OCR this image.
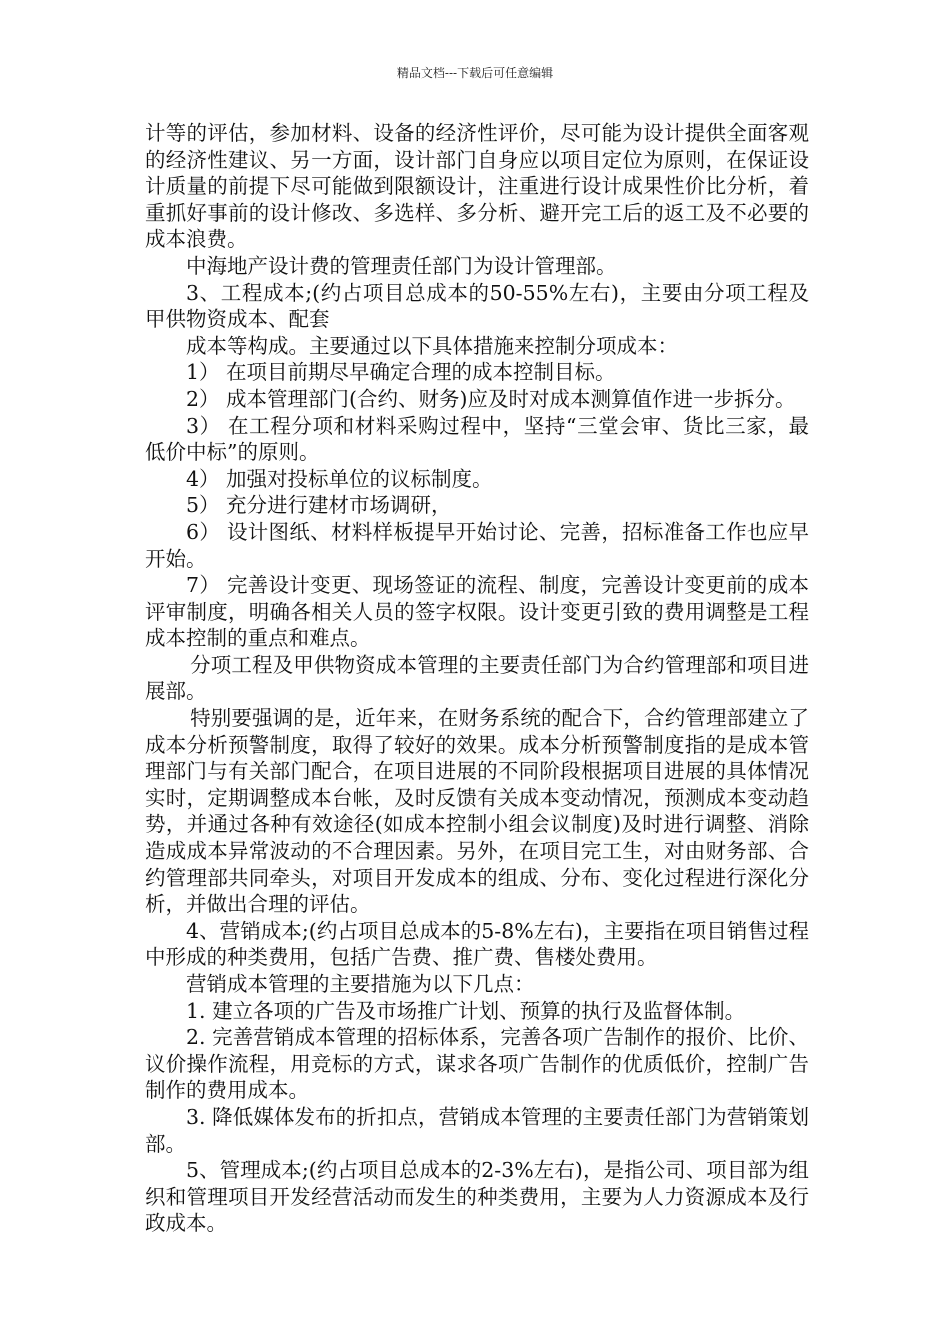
精品文档---下载后可任意编辑

计等的评估，参加材料、设备的经济性评价，尽可能为设计提供全面客观的经济性建议、另一方面，设计部门自身应以项目定位为原则，在保证设计质量的前提下尽可能做到限额设计，注重进行设计成果性价比分析，着重抓好事前的设计修改、多选样、多分析、避开完工后的返工及不必要的成本浪费。

中海地产设计费的管理责任部门为设计管理部。

3、工程成本;(约占项目总成本的50-55%左右)，主要由分项工程及甲供物资成本、配套

成本等构成。主要通过以下具体措施来控制分项成本：

1） 在项目前期尽早确定合理的成本控制目标。

2） 成本管理部门(合约、财务)应及时对成本测算值作进一步拆分。

3） 在工程分项和材料采购过程中，坚持“三堂会审、货比三家，最低价中标”的原则。

4） 加强对投标单位的议标制度。

5） 充分进行建材市场调研，

6） 设计图纸、材料样板提早开始讨论、完善，招标准备工作也应早开始。

7） 完善设计变更、现场签证的流程、制度，完善设计变更前的成本评审制度，明确各相关人员的签字权限。设计变更引致的费用调整是工程成本控制的重点和难点。

分项工程及甲供物资成本管理的主要责任部门为合约管理部和项目进展部。

特别要强调的是，近年来，在财务系统的配合下，合约管理部建立了成本分析预警制度，取得了较好的效果。成本分析预警制度指的是成本管理部门与有关部门配合，在项目进展的不同阶段根据项目进展的具体情况实时，定期调整成本台帐，及时反馈有关成本变动情况，预测成本变动趋势，并通过各种有效途径(如成本控制小组会议制度)及时进行调整、消除造成成本异常波动的不合理因素。另外，在项目完工生，对由财务部、合约管理部共同牵头，对项目开发成本的组成、分布、变化过程进行深化分析，并做出合理的评估。

4、营销成本;(约占项目总成本的5-8%左右)，主要指在项目销售过程中形成的种类费用，包括广告费、推广费、售楼处费用。

营销成本管理的主要措施为以下几点：

1. 建立各项的广告及市场推广计划、预算的执行及监督体制。

2. 完善营销成本管理的招标体系，完善各项广告制作的报价、比价、议价操作流程，用竞标的方式，谋求各项广告制作的优质低价，控制广告制作的费用成本。

3. 降低媒体发布的折扣点，营销成本管理的主要责任部门为营销策划部。

5、管理成本;(约占项目总成本的2-3%左右)，是指公司、项目部为组织和管理项目开发经营活动而发生的种类费用，主要为人力资源成本及行政成本。
